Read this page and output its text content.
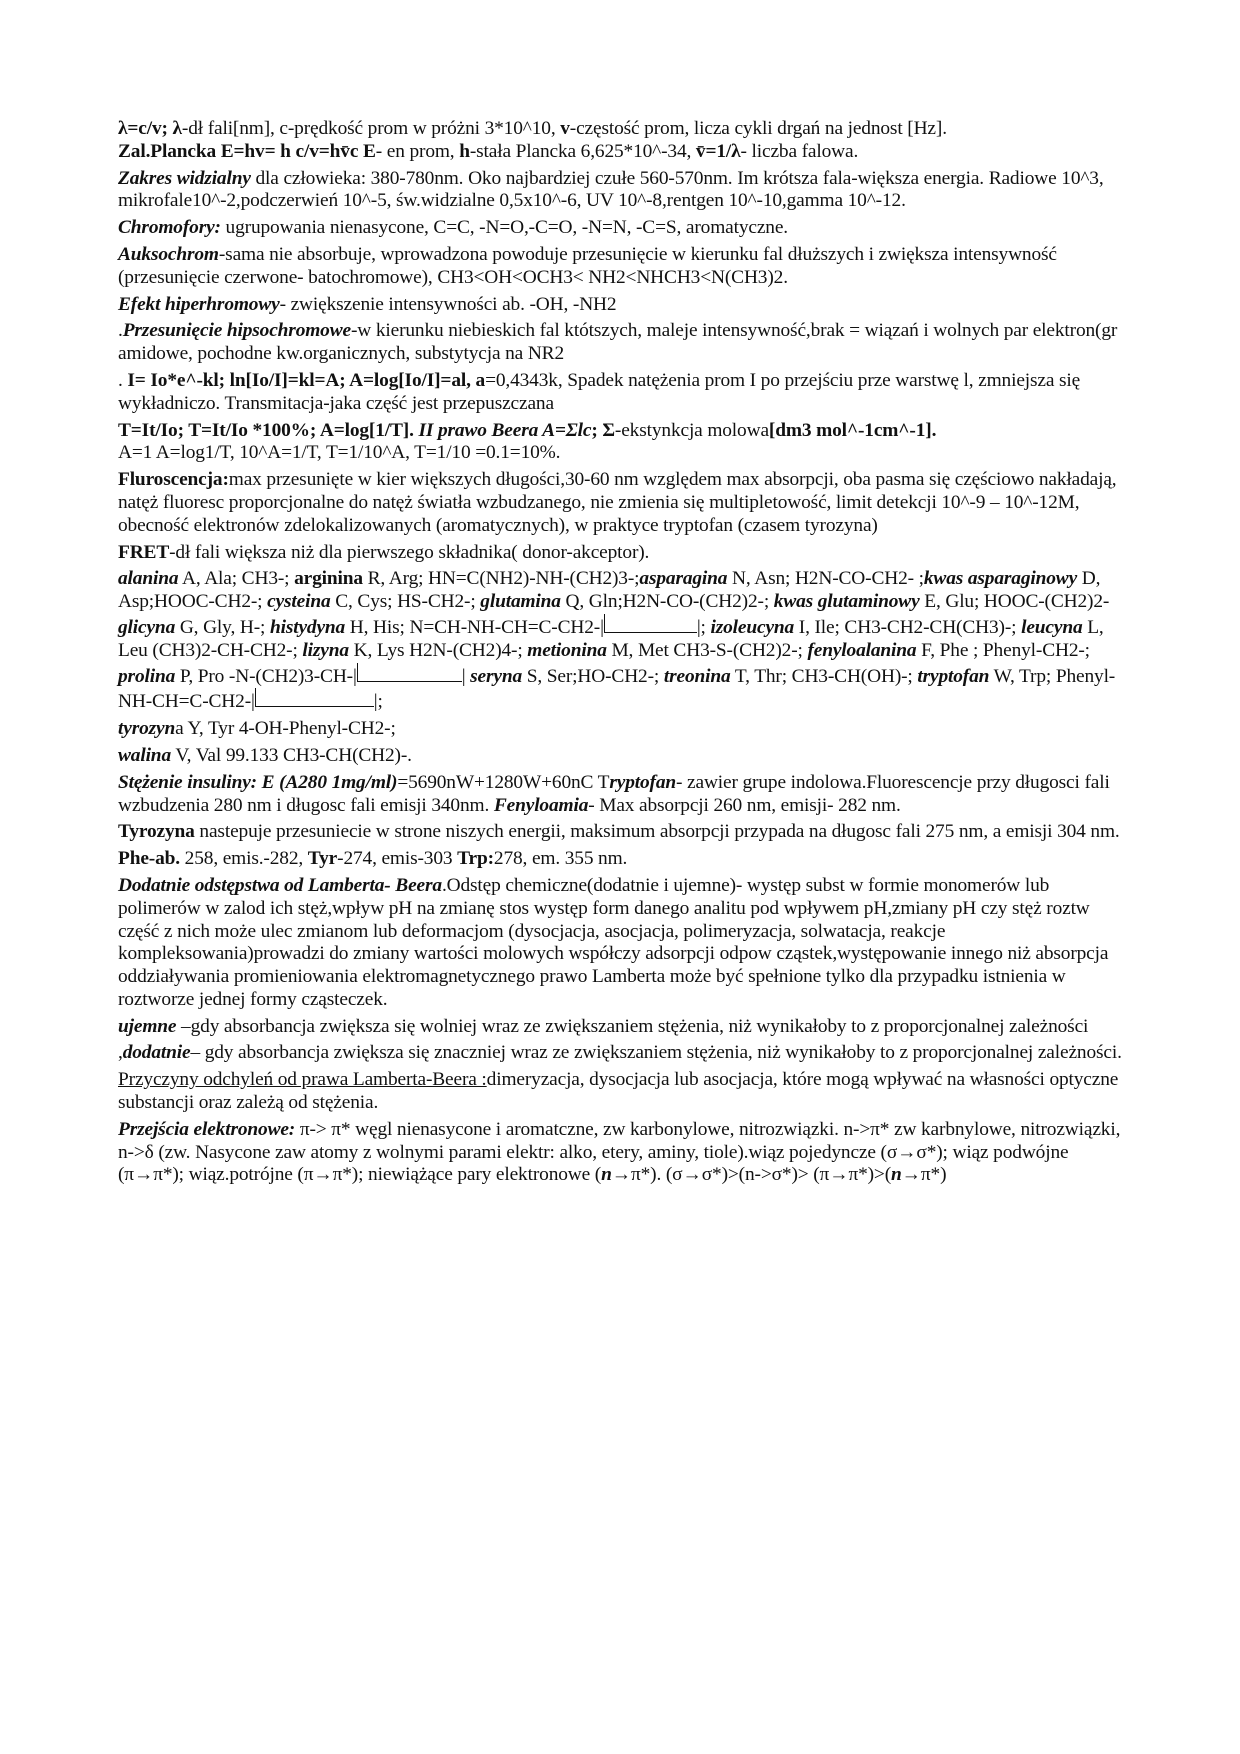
λ=c/v; λ-dł fali[nm], c-prędkość prom w próżni 3*10^10, v-częstość prom, licza cykli drgań na jednost [Hz].
Zal.Plancka E=hv= h c/v=hv̄c E- en prom, h-stała Plancka 6,625*10^-34, v̄=1/λ- liczba falowa.

Zakres widzialny dla człowieka: 380-780nm. Oko najbardziej czułe 560-570nm. Im krótsza fala-większa energia. Radiowe 10^3, mikrofale10^-2,podczerwień 10^-5, św.widzialne 0,5x10^-6, UV 10^-8,rentgen 10^-10,gamma 10^-12.

Chromofory: ugrupowania nienasycone, C=C, -N=O,-C=O, -N=N, -C=S, aromatyczne.

Auksochrom-sama nie absorbuje, wprowadzona powoduje przesunięcie w kierunku fal dłuższych i zwiększa intensywność (przesunięcie czerwone- batochromowe), CH3<OH<OCH3< NH2<NHCH3<N(CH3)2.

Efekt hiperhromowy- zwiększenie intensywności ab. -OH, -NH2

.Przesunięcie hipsochromowe-w kierunku niebieskich fal któtszych, maleje intensywność,brak = wiązań i wolnych par elektron(gr amidowe, pochodne kw.organicznych, substytycja na NR2

. I= Io*e^-kl; ln[Io/I]=kl=A; A=log[Io/I]=al, a=0,4343k, Spadek natężenia prom I po przejściu prze warstwę l, zmniejsza się wykładniczo. Transmitacja-jaka część jest przepuszczana

T=It/Io; T=It/Io *100%; A=log[1/T]. II prawo Beera A=Σlc; Σ-ekstynkcja molowa[dm3 mol^-1cm^-1].
A=1 A=log1/T, 10^A=1/T, T=1/10^A, T=1/10 =0.1=10%.

Fluroscencja:max przesunięte w kier większych długości,30-60 nm względem max absorpcji, oba pasma się częściowo nakładają, natęż fluoresc proporcjonalne do natęż światła wzbudzanego, nie zmienia się multipletowość, limit detekcji 10^-9 – 10^-12M, obecność elektronów zdelokalizowanych (aromatycznych), w praktyce tryptofan (czasem tyrozyna)

FRET-dł fali większa niż dla pierwszego składnika( donor-akceptor).

alanina A, Ala; CH3-; arginina R, Arg; HN=C(NH2)-NH-(CH2)3-;asparagina N, Asn; H2N-CO-CH2- ;kwas asparaginowy D, Asp;HOOC-CH2-; cysteina C, Cys; HS-CH2-; glutamina Q, Gln;H2N-CO-(CH2)2-; kwas glutaminowy E, Glu; HOOC-(CH2)2- glicyna G, Gly, H-; histydyna H, His; N=CH-NH-CH=C-CH2-|	|; izoleucyna I, Ile; CH3-CH2-CH(CH3)-; leucyna L, Leu (CH3)2-CH-CH2-; lizyna K, Lys H2N-(CH2)4-; metionina M, Met CH3-S-(CH2)2-; fenyloalanina F, Phe ; Phenyl-CH2-; prolina P, Pro -N-(CH2)3-CH-|	| seryna S, Ser;HO-CH2-; treonina T, Thr; CH3-CH(OH)-; tryptofan W, Trp; Phenyl-NH-CH=C-CH2-|	|;

tyrozyna Y, Tyr 4-OH-Phenyl-CH2-;

walina V, Val 99.133 CH3-CH(CH2)-.

Stężenie insuliny: E (A280 1mg/ml)=5690nW+1280W+60nC Tryptofan- zawier grupe indolowa.Fluorescencje przy długosci fali wzbudzenia 280 nm i długosc fali emisji 340nm. Fenyloamia- Max absorpcji 260 nm, emisji- 282 nm.

Tyrozyna nastepuje przesuniecie w strone niszych energii, maksimum absorpcji przypada na długosc fali 275 nm, a emisji 304 nm.

Phe-ab. 258, emis.-282, Tyr-274, emis-303 Trp:278, em. 355 nm.

Dodatnie odstępstwa od Lamberta- Beera.Odstęp chemiczne(dodatnie i ujemne)- występ subst w formie monomerów lub polimerów w zalod ich stęż,wpływ pH na zmianę stos występ form danego analitu pod wpływem pH,zmiany pH czy stęż roztw część z nich może ulec zmianom lub deformacjom (dysocjacja, asocjacja, polimeryzacja, solwatacja, reakcje kompleksowania)prowadzi do zmiany wartości molowych współczy adsorpcji odpow cząstek,występowanie innego niż absorpcja oddziaływania promieniowania elektromagnetycznego prawo Lamberta może być spełnione tylko dla przypadku istnienia w roztworze jednej formy cząsteczek.

ujemne –gdy absorbancja zwiększa się wolniej wraz ze zwiększaniem stężenia, niż wynikałoby to z proporcjonalnej zależności

,dodatnie– gdy absorbancja zwiększa się znaczniej wraz ze zwiększaniem stężenia, niż wynikałoby to z proporcjonalnej zależności.

Przyczyny odchyleń od prawa Lamberta-Beera :dimeryzacja, dysocjacja lub asocjacja, które mogą wpływać na własności optyczne substancji oraz zależą od stężenia.

Przejścia elektronowe: π-> π* węgl nienasycone i aromatczne, zw karbonylowe, nitrozwiązki. n->π* zw karbnylowe, nitrozwiązki, n->δ (zw. Nasycone zaw atomy z wolnymi parami elektr: alko, etery, aminy, tiole).wiąz pojedyncze (σ→σ*); wiąz podwójne (π→π*); wiąz.potrójne (π→π*); niewiążące pary elektronowe (n→π*). (σ→σ*)>(n->σ*)> (π→π*)>(n→π*)
